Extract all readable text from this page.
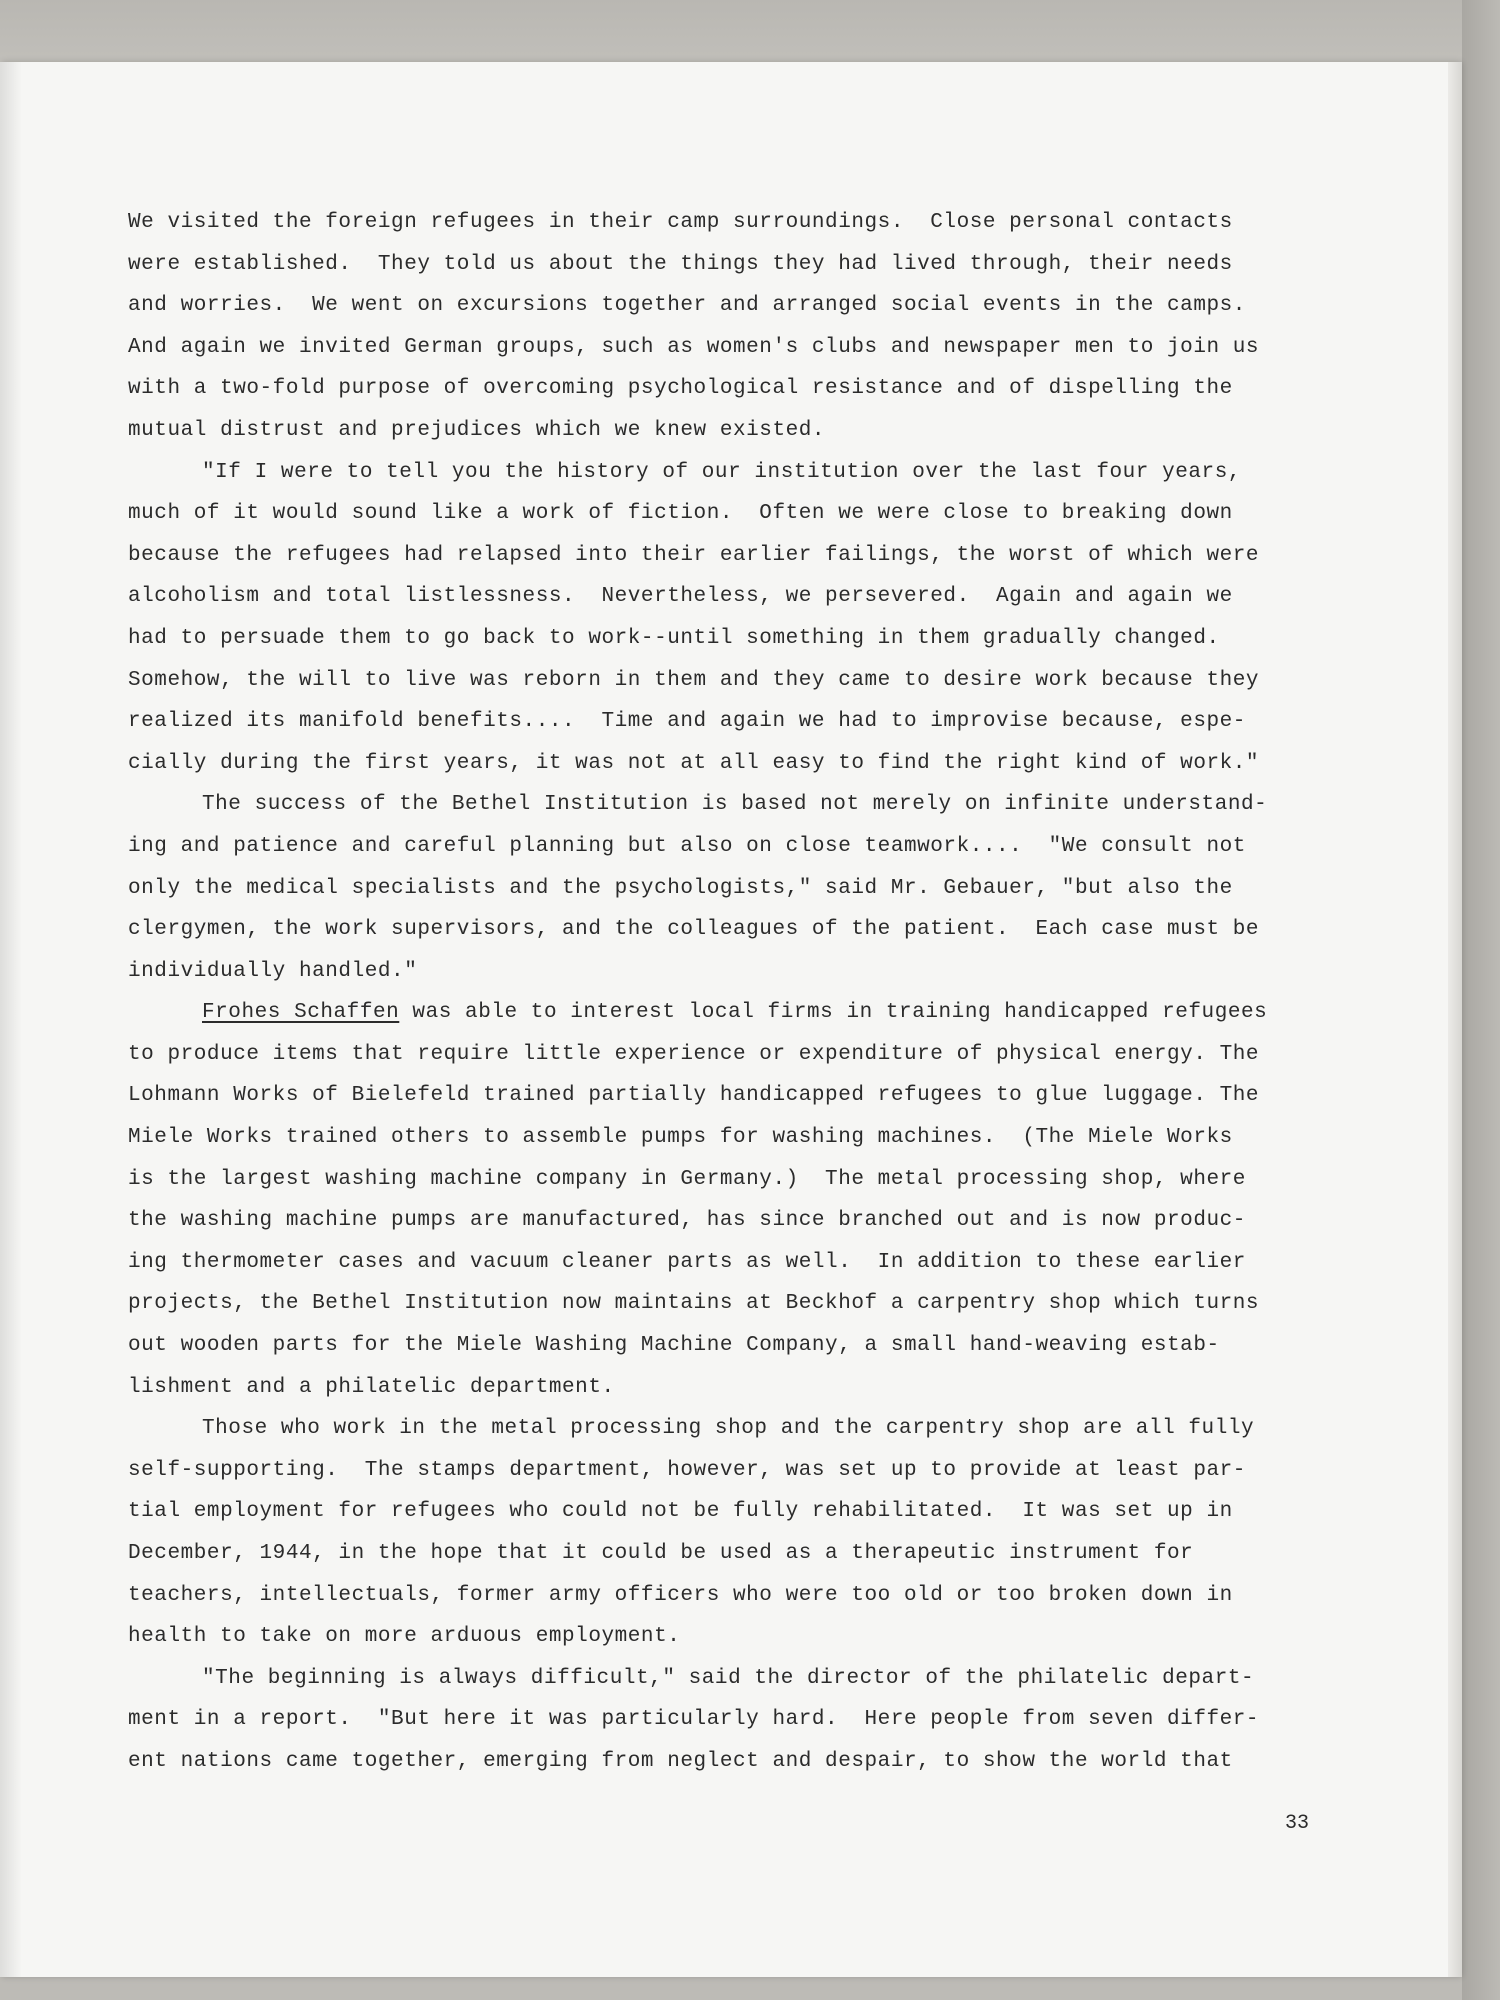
We visited the foreign refugees in their camp surroundings.  Close personal contacts
were established.  They told us about the things they had lived through, their needs
and worries.  We went on excursions together and arranged social events in the camps.
And again we invited German groups, such as women's clubs and newspaper men to join us
with a two-fold purpose of overcoming psychological resistance and of dispelling the
mutual distrust and prejudices which we knew existed.
"If I were to tell you the history of our institution over the last four years,
much of it would sound like a work of fiction.  Often we were close to breaking down
because the refugees had relapsed into their earlier failings, the worst of which were
alcoholism and total listlessness.  Nevertheless, we persevered.  Again and again we
had to persuade them to go back to work--until something in them gradually changed.
Somehow, the will to live was reborn in them and they came to desire work because they
realized its manifold benefits....  Time and again we had to improvise because, espe-
cially during the first years, it was not at all easy to find the right kind of work."
The success of the Bethel Institution is based not merely on infinite understand-
ing and patience and careful planning but also on close teamwork....  "We consult not
only the medical specialists and the psychologists," said Mr. Gebauer, "but also the
clergymen, the work supervisors, and the colleagues of the patient.  Each case must be
individually handled."
Frohes Schaffen was able to interest local firms in training handicapped refugees
to produce items that require little experience or expenditure of physical energy. The
Lohmann Works of Bielefeld trained partially handicapped refugees to glue luggage. The
Miele Works trained others to assemble pumps for washing machines.  (The Miele Works
is the largest washing machine company in Germany.)  The metal processing shop, where
the washing machine pumps are manufactured, has since branched out and is now produc-
ing thermometer cases and vacuum cleaner parts as well.  In addition to these earlier
projects, the Bethel Institution now maintains at Beckhof a carpentry shop which turns
out wooden parts for the Miele Washing Machine Company, a small hand-weaving estab-
lishment and a philatelic department.
Those who work in the metal processing shop and the carpentry shop are all fully
self-supporting.  The stamps department, however, was set up to provide at least par-
tial employment for refugees who could not be fully rehabilitated.  It was set up in
December, 1944, in the hope that it could be used as a therapeutic instrument for
teachers, intellectuals, former army officers who were too old or too broken down in
health to take on more arduous employment.
"The beginning is always difficult," said the director of the philatelic depart-
ment in a report.  "But here it was particularly hard.  Here people from seven differ-
ent nations came together, emerging from neglect and despair, to show the world that
33
